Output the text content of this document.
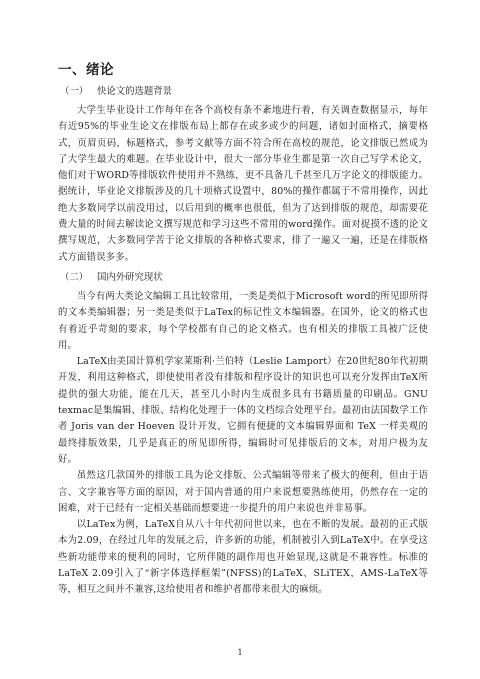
一、绪论
（一） 快论文的选题背景

大学生毕业设计工作每年在各个高校有条不紊地进行着，有关调查数据显示，每年有近95%的毕业生论文在排版布局上都存在或多或少的问题，诸如封面格式，摘要格式，页眉页码，标题格式，参考文献等方面不符合所在高校的规范，论文排版已然成为了大学生最大的难题。在毕业设计中，很大一部分毕业生都是第一次自己写学术论文，他们对于WORD等排版软件使用并不熟练，更不具备几千甚至几万字论文的排版能力。据统计，毕业论文排版涉及的几十项格式设置中，80%的操作都属于不常用操作，因此绝大多数同学以前没用过，以后用到的概率也很低，但为了达到排版的规范，却需要花费大量的时间去解读论文撰写规范和学习这些不常用的word操作。面对捉摸不透的论文撰写规范，大多数同学苦于论文排版的各种格式要求，排了一遍又一遍，还是在排版格式方面错误多多。

（二） 国内外研究现状

当今有两大类论文编辑工具比较常用，一类是类似于Microsoft word的所见即所得的文本类编辑器；另一类是类似于LaTex的标记性文本编辑器。在国外，论文的格式也有着近乎苛刻的要求，每个学校都有自己的论文格式。也有相关的排版工具被广泛使用。

LaTeX由美国计算机学家莱斯利·兰伯特（Leslie Lamport）在20世纪80年代初期开发，利用这种格式，即使使用者没有排版和程序设计的知识也可以充分发挥由TeX所提供的强大功能，能在几天，甚至几小时内生成很多具有书籍质量的印刷品。GNU texmac是集编辑、排版、结构化处理于一体的文档综合处理平台。最初由法国数学工作者 Joris van der Hoeven 设计开发，它拥有便捷的文本编辑界面和 TeX 一样美观的最终排版效果，几乎是真正的所见即所得，编辑时可见排版后的文本，对用户极为友好。

虽然这几款国外的排版工具为论文排版、公式编辑等带来了极大的便利，但由于语言、文字兼容等方面的原因，对于国内普通的用户来说想要熟练使用，仍然存在一定的困难，对于已经有一定相关基础而想要进一步提升的用户来说也并非易事。

以LaTex为例，LaTeX自从八十年代初问世以来，也在不断的发展。最初的正式版本为2.09，在经过几年的发展之后，许多新的功能，机制被引入到LaTeX中。在享受这些新功能带来的便利的同时，它所伴随的副作用也开始显现,这就是不兼容性。标准的LaTeX 2.09引入了“新字体选择框架”(NFSS)的LaTeX、SLiTEX，AMS-LaTeX等等，相互之间并不兼容,这给使用者和维护者都带来很大的麻烦。

1
